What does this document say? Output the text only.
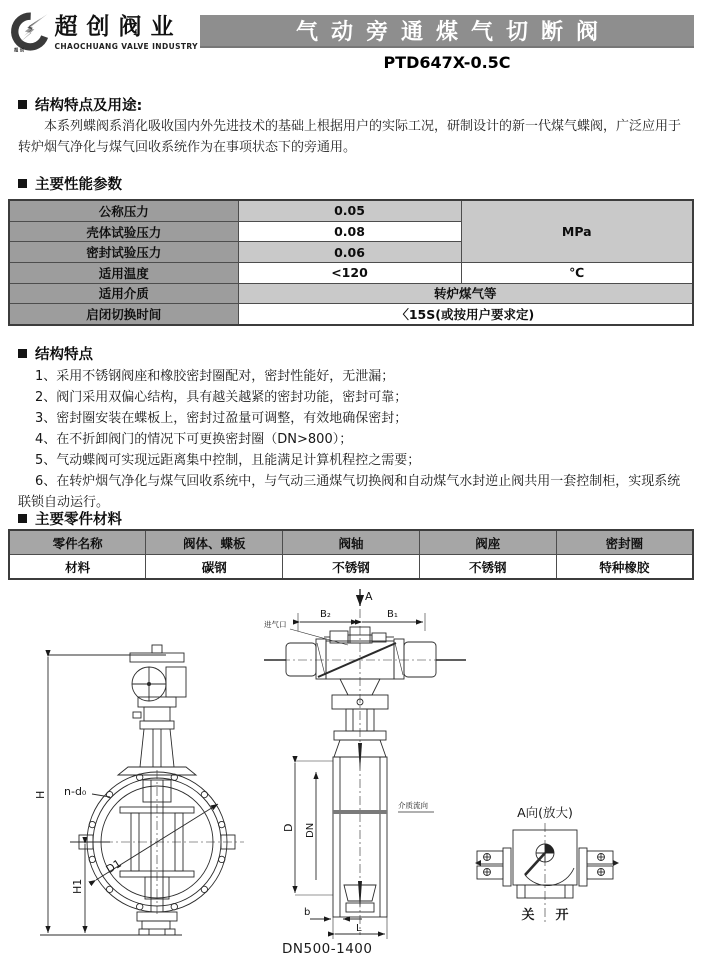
超 创
超创阀业
CHAOCHUANG VALVE INDUSTRY
气动旁通煤气切断阀
PTD647X-0.5C
结构特点及用途:
本系列蝶阀系消化吸收国内外先进技术的基础上根据用户的实际工况，研制设计的新一代煤气蝶阀，广泛应用于转炉烟气净化与煤气回收系统作为在事项状态下的旁通用。
主要性能参数
公称压力	0.05	MPa
壳体试验压力	0.08	
密封试验压力	0.06	
适用温度	<120	℃
适用介质	转炉煤气等	
启闭切换时间	〈15S(或按用户要求定)	
结构特点
1、采用不锈钢阀座和橡胶密封圈配对，密封性能好，无泄漏；
2、阀门采用双偏心结构，具有越关越紧的密封功能，密封可靠；
3、密封圈安装在蝶板上，密封过盈量可调整，有效地确保密封；
4、在不折卸阀门的情况下可更换密封圈（DN>800）；
5、气动蝶阀可实现远距离集中控制，且能满足计算机程控之需要；
6、在转炉烟气净化与煤气回收系统中，与气动三通煤气切换阀和自动煤气水封逆止阀共用一套控制柜，实现系统联锁自动运行。
主要零件材料
零件名称	阀体、蝶板	阀轴	阀座	密封圈
材料	碳钢	不锈钢	不锈钢	特种橡胶
H
H1
D1
n-d₀
A
B₂	B₁
进气口
D DN
介质流向
b
L
A向(放大)
关 开
DN500-1400
